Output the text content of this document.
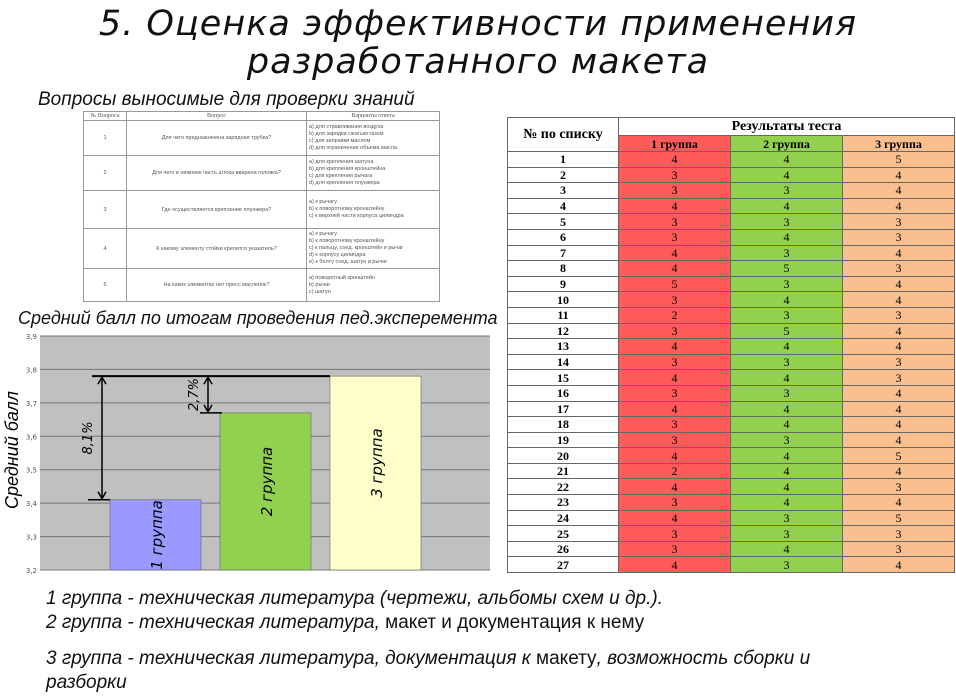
5. Оценка эффективности применения
разработанного макета
Вопросы выносимые для проверки знаний
№ Вопроса	Вопрос	Варианты ответа
1	Для чего предназначена зарядная трубка?	a) для стравливания воздуха
b) для зарядки сжатым газом
c) для заправки маслом
d) для ограничения объема масла

2	Для чего в нижнюю часть штока вварена головка?	a) для крепления шатуна
b) для крепления кронштейна
c) для крепления рычага
d) для крепления плунжера

3	Где осуществляется крепление плунжера?	a) к рычагу
b) к поворотному кронштейну
c) к верхней части корпуса цилиндра

4	К какому элементу стойки крепится указатель?	a) к рычагу
b) к поворотному кронштейну
c) к пальцу, соед. кронштейн и рычаг
d) к корпусу цилиндра
e) к болту соед. шатун и рычаг

5	На каких элементах нет пресс масленок?	a) поворотный кронштейн
b) рычаг
c) шатун
Средний балл по итогам проведения пед.эксперемента
3,2
3,3
3,4
3,5
3,6
3,7
3,8
3,9
Средний балл
1 группа
2 группа	3 группа
8,1%
2,7%
№ по списку	Результаты теста		
	1 группа	2 группа	3 группа
1	4	4	5
2	3	4	4
3	3	3	4
4	4	4	4
5	3	3	3
6	3	4	3
7	4	3	4
8	4	5	3
9	5	3	4
10	3	4	4
11	2	3	3
12	3	5	4
13	4	4	4
14	3	3	3
15	4	4	3
16	3	3	4
17	4	4	4
18	3	4	4
19	3	3	4
20	4	4	5
21	2	4	4
22	4	4	3
23	3	4	4
24	4	3	5
25	3	3	3
26	3	4	3
27	4	3	4
1 группа - техническая литература (чертежи, альбомы схем и др.).
2 группа - техническая литература, макет и документация к нему
3 группа - техническая литература, документация к макету, возможность сборки и
разборки
